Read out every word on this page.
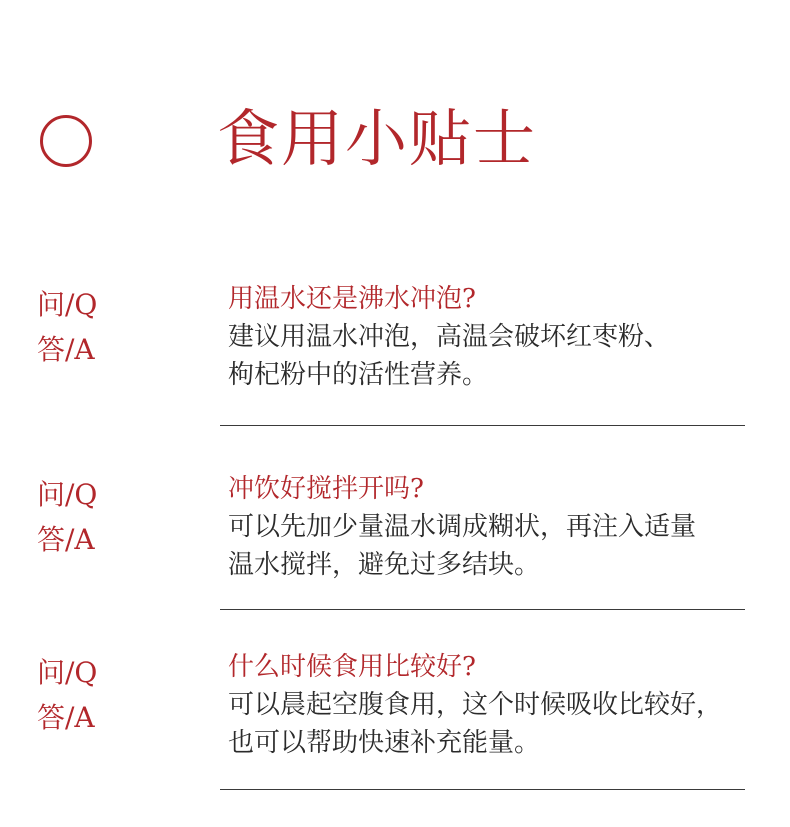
食用小贴士
问/Q
答/A
用温水还是沸水冲泡?
建议用温水冲泡，高温会破坏红枣粉、
枸杞粉中的活性营养。
问/Q
答/A
冲饮好搅拌开吗?
可以先加少量温水调成糊状，再注入适量
温水搅拌，避免过多结块。
问/Q
答/A
什么时候食用比较好?
可以晨起空腹食用，这个时候吸收比较好，
也可以帮助快速补充能量。
